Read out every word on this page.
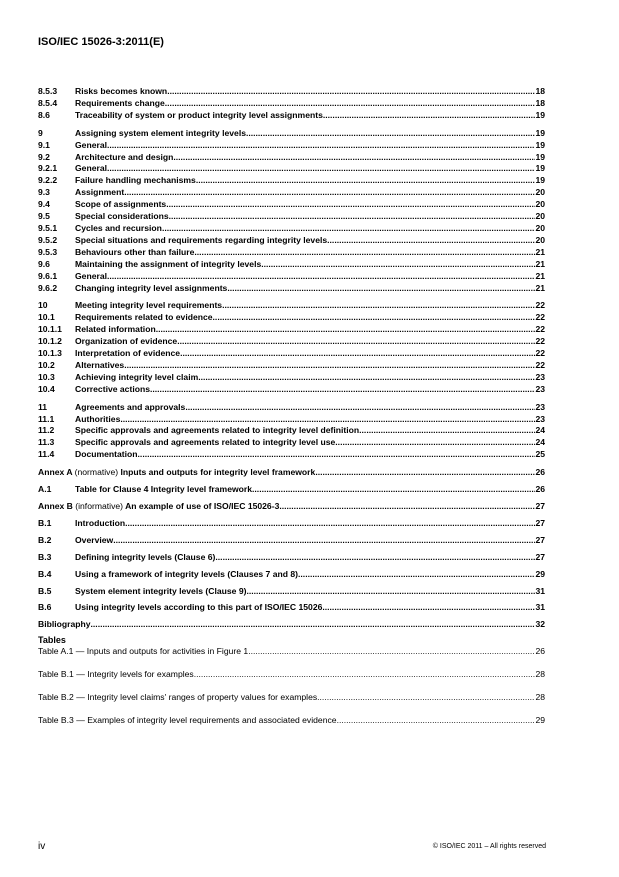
ISO/IEC 15026-3:2011(E)
8.5.3	Risks becomes known .....	18
8.5.4	Requirements change .....	18
8.6	Traceability of system or product integrity level assignments .....	19
9	Assigning system element integrity levels .....	19
9.1	General .....	19
9.2	Architecture and design .....	19
9.2.1	General .....	19
9.2.2	Failure handling mechanisms .....	19
9.3	Assignment .....	20
9.4	Scope of assignments .....	20
9.5	Special considerations .....	20
9.5.1	Cycles and recursion .....	20
9.5.2	Special situations and requirements regarding integrity levels .....	20
9.5.3	Behaviours other than failure .....	21
9.6	Maintaining the assignment of integrity levels .....	21
9.6.1	General .....	21
9.6.2	Changing integrity level assignments .....	21
10	Meeting integrity level requirements .....	22
10.1	Requirements related to evidence .....	22
10.1.1	Related information .....	22
10.1.2	Organization of evidence .....	22
10.1.3	Interpretation of evidence .....	22
10.2	Alternatives .....	22
10.3	Achieving integrity level claim .....	23
10.4	Corrective actions .....	23
11	Agreements and approvals .....	23
11.1	Authorities .....	23
11.2	Specific approvals and agreements related to integrity level definition .....	24
11.3	Specific approvals and agreements related to integrity level use .....	24
11.4	Documentation .....	25
Annex A (normative) Inputs and outputs for integrity level framework .....	26
A.1	Table for Clause 4 Integrity level framework .....	26
Annex B (informative) An example of use of ISO/IEC 15026-3 .....	27
B.1	Introduction .....	27
B.2	Overview .....	27
B.3	Defining integrity levels (Clause 6) .....	27
B.4	Using a framework of integrity levels (Clauses 7 and 8) .....	29
B.5	System element integrity levels (Clause 9) .....	31
B.6	Using integrity levels according to this part of ISO/IEC 15026 .....	31
Bibliography .....	32
Tables
Table A.1 — Inputs and outputs for activities in Figure 1 .....	26
Table B.1 — Integrity levels for examples .....	28
Table B.2 — Integrity level claims' ranges of property values for examples .....	28
Table B.3 — Examples of integrity level requirements and associated evidence .....	29
iv	© ISO/IEC 2011 – All rights reserved
